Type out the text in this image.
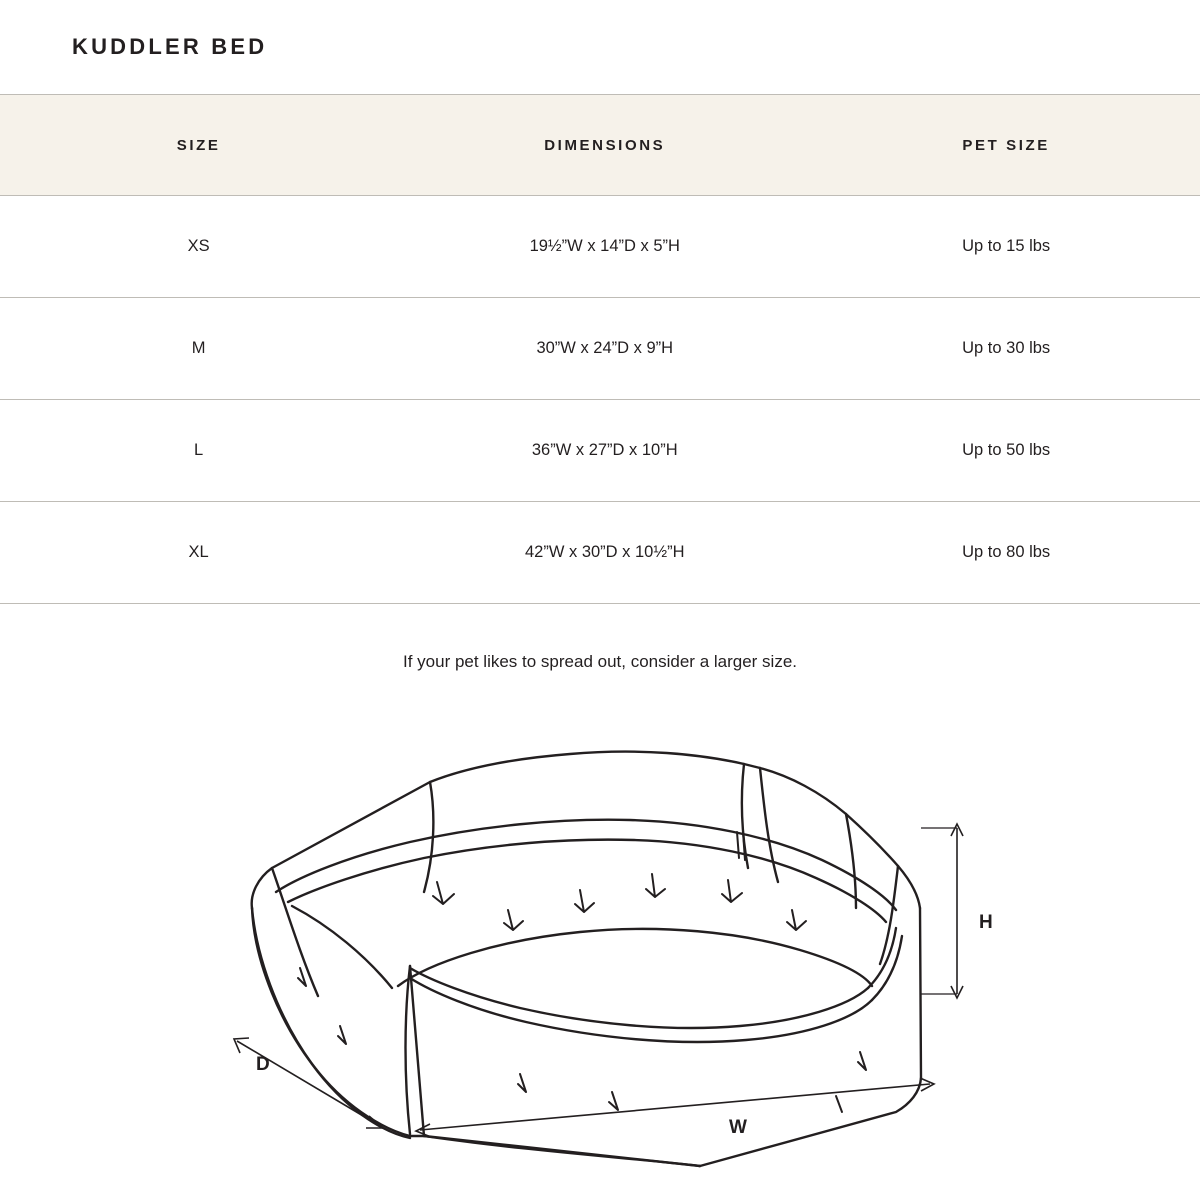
KUDDLER BED
SIZE	DIMENSIONS	PET SIZE
XS	19½”W x 14”D x 5”H	Up to 15 lbs
M	30”W x 24”D x 9”H	Up to 30 lbs
L	36”W x 27”D x 10”H	Up to 50 lbs
XL	42”W x 30”D x 10½”H	Up to 80 lbs
If your pet likes to spread out, consider a larger size.
H
D
W
